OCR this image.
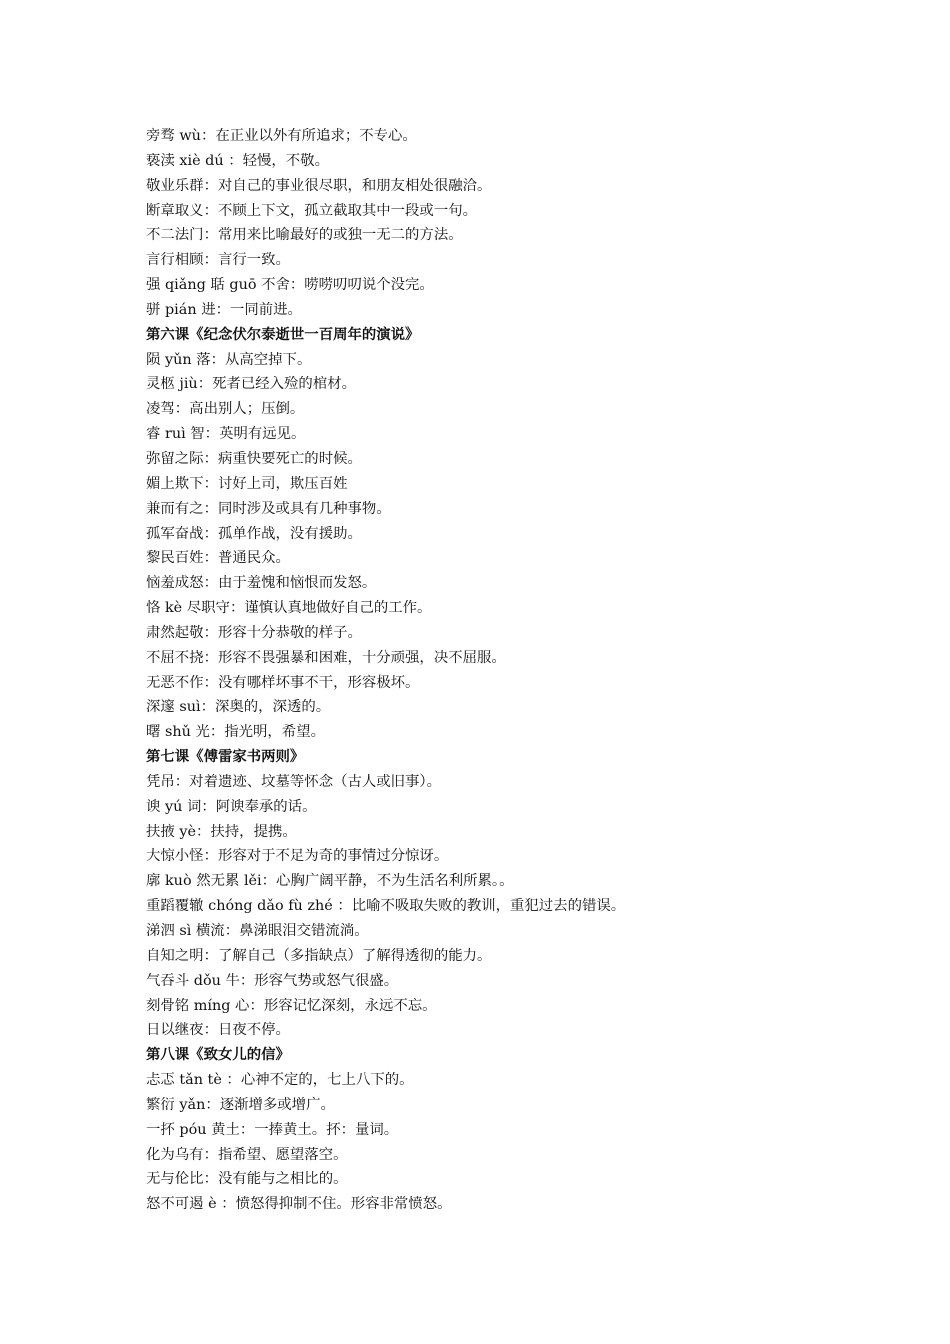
旁骛 wù：在正业以外有所追求；不专心。
亵渎 xiè dú ：轻慢，不敬。
敬业乐群：对自己的事业很尽职，和朋友相处很融洽。
断章取义：不顾上下文，孤立截取其中一段或一句。
不二法门：常用来比喻最好的或独一无二的方法。
言行相顾：言行一致。
强 qiǎng 聒 guō 不舍：唠唠叨叨说个没完。
骈 pián 进：一同前进。
第六课《纪念伏尔泰逝世一百周年的演说》
陨 yǔn 落：从高空掉下。
灵柩 jiù：死者已经入殓的棺材。
凌驾：高出别人；压倒。
睿 ruì 智：英明有远见。
弥留之际：病重快要死亡的时候。
媚上欺下：讨好上司，欺压百姓
兼而有之：同时涉及或具有几种事物。
孤军奋战：孤单作战，没有援助。
黎民百姓：普通民众。
恼羞成怒：由于羞愧和恼恨而发怒。
恪 kè 尽职守：谨慎认真地做好自己的工作。
肃然起敬：形容十分恭敬的样子。
不屈不挠：形容不畏强暴和困难，十分顽强，决不屈服。
无恶不作：没有哪样坏事不干，形容极坏。
深邃 suì：深奥的，深透的。
曙 shǔ 光：指光明，希望。
第七课《傅雷家书两则》
凭吊：对着遗迹、坟墓等怀念（古人或旧事）。
谀 yú 词：阿谀奉承的话。
扶掖 yè：扶持，提携。
大惊小怪：形容对于不足为奇的事情过分惊讶。
廓 kuò 然无累 lěi：心胸广阔平静，不为生活名利所累。。
重蹈覆辙 chóng dǎo fù zhé ：比喻不吸取失败的教训，重犯过去的错误。
涕泗 sì 横流：鼻涕眼泪交错流淌。
自知之明：了解自己（多指缺点）了解得透彻的能力。
气吞斗 dǒu 牛：形容气势或怒气很盛。
刻骨铭 míng 心：形容记忆深刻，永远不忘。
日以继夜：日夜不停。
第八课《致女儿的信》
忐忑 tǎn tè ：心神不定的，七上八下的。
繁衍 yǎn：逐渐增多或增广。
一抔 póu 黄土：一捧黄土。抔：量词。
化为乌有：指希望、愿望落空。
无与伦比：没有能与之相比的。
怒不可遏 è ：愤怒得抑制不住。形容非常愤怒。
